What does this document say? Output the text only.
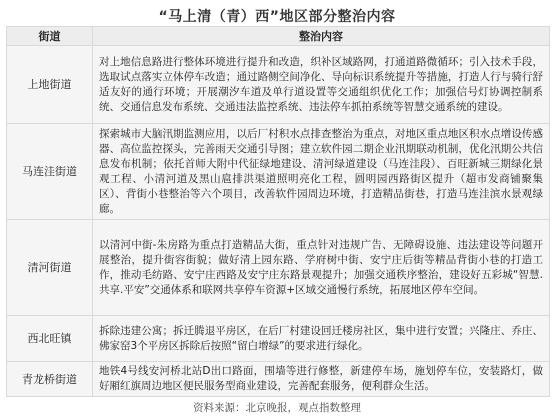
“马上清（青）西”地区部分整治内容
街道	整治内容
上地街道	对上地信息路进行整体环境进行提升和改造，织补区域路网，打通道路微循环；引入技术手段，选取试点落实立体停车改造；通过路侧空间净化、导向标识系统提升等措施，打造人行与骑行舒适友好的通行环境；开展潮汐车道及单行道设置等交通组织优化工作；加强信号灯协调控制系统、交通信息发布系统、交通违法监控系统、违法停车抓拍系统等智慧交通系统的建设。
马连洼街道	探索城市大脑汛期监测应用，以后厂村积水点排查整治为重点，对地区重点地区积水点增设传感器、高位监控探头，完善雨天交通引导图；建立软件园二期企业汛期联动机制，优化汛期公共信息发布机制；依托首师大附中代征绿地建设、清河绿道建设（马连洼段）、百旺新城三期绿化景观工程、小清河道及黑山扈排洪渠道照明亮化工程，圆明园西路街区提升（超市发商铺聚集区）、背街小巷整治等六个项目，改善软件园周边环境，打造精品街巷，打造马连洼滨水景观绿廊。
清河街道	以清河中街-朱房路为重点打造精品大街，重点针对违规广告、无障碍设施、违法建设等问题开展整治，提升街容街貌；做好清上园东路、学府树中街、安宁庄后街等精品背街小巷的打造工作，推动毛纺路、安宁庄西路及安宁庄东路景观提升；加强交通秩序整治，建设好五彩城“智慧.共享.平安”交通体系和联网共享停车资源+区域交通慢行系统，拓展地区停车空间。
西北旺镇	拆除违建公寓；拆迁腾退平房区，在后厂村建设回迁楼房社区，集中进行安置；兴隆庄、乔庄、佛家窑3个平房区拆除后按照“留白增绿”的要求进行绿化。
青龙桥街道	地铁4号线安河桥北站D出口路面，围墙等进行修整，新建停车场，施划停车位，安装路灯，做好厢红旗周边地区便民服务型商业建设，完善配套服务，便利群众生活。
资料来源：北京晚报，观点指数整理
